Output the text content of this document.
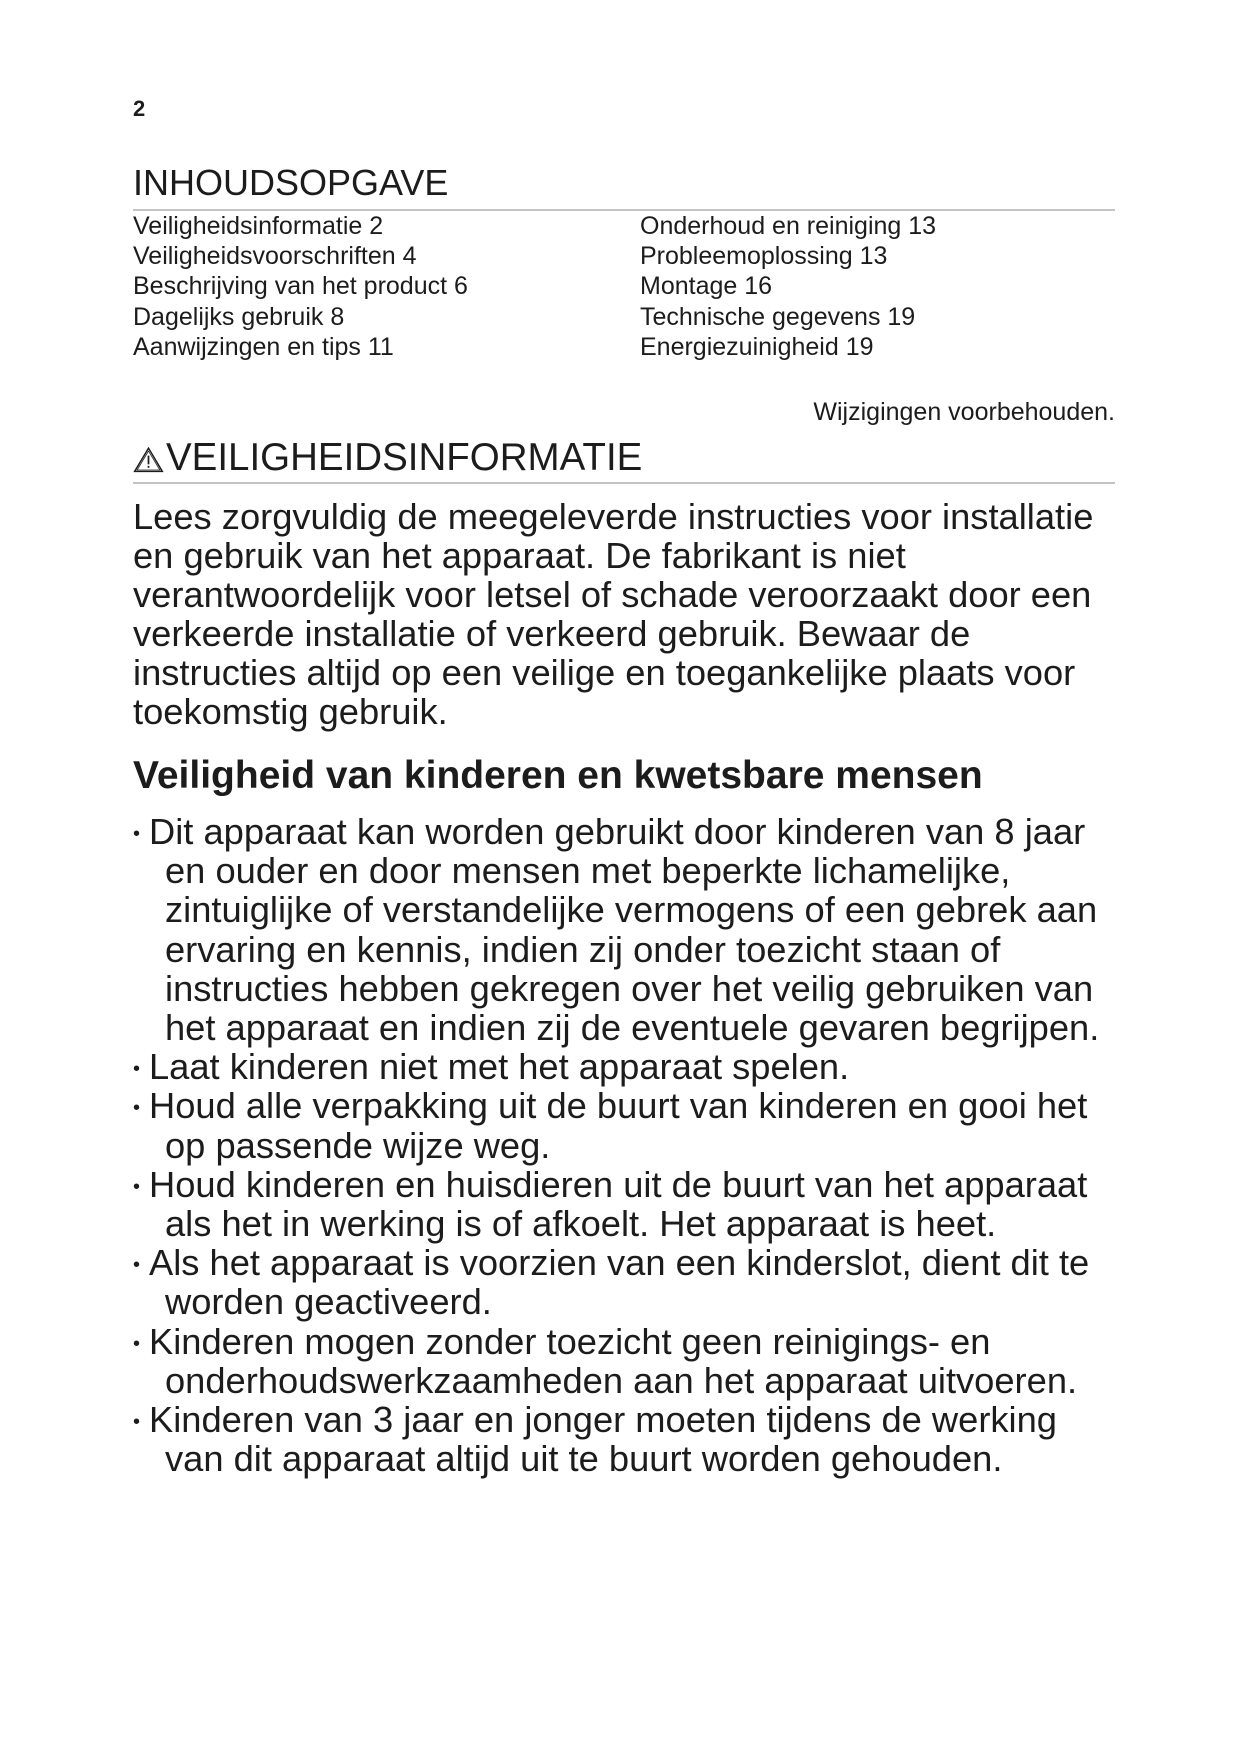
2
INHOUDSOPGAVE
Veiligheidsinformatie 2
Veiligheidsvoorschriften 4
Beschrijving van het product 6
Dagelijks gebruik 8
Aanwijzingen en tips 11
Onderhoud en reiniging 13
Probleemoplossing 13
Montage 16
Technische gegevens 19
Energiezuinigheid 19
Wijzigingen voorbehouden.
VEILIGHEIDSINFORMATIE
Lees zorgvuldig de meegeleverde instructies voor installatie
en gebruik van het apparaat. De fabrikant is niet
verantwoordelijk voor letsel of schade veroorzaakt door een
verkeerde installatie of verkeerd gebruik. Bewaar de
instructies altijd op een veilige en toegankelijke plaats voor
toekomstig gebruik.
Veiligheid van kinderen en kwetsbare mensen
• Dit apparaat kan worden gebruikt door kinderen van 8 jaar
en ouder en door mensen met beperkte lichamelijke,
zintuiglijke of verstandelijke vermogens of een gebrek aan
ervaring en kennis, indien zij onder toezicht staan of
instructies hebben gekregen over het veilig gebruiken van
het apparaat en indien zij de eventuele gevaren begrijpen.
• Laat kinderen niet met het apparaat spelen.
• Houd alle verpakking uit de buurt van kinderen en gooi het
op passende wijze weg.
• Houd kinderen en huisdieren uit de buurt van het apparaat
als het in werking is of afkoelt. Het apparaat is heet.
• Als het apparaat is voorzien van een kinderslot, dient dit te
worden geactiveerd.
• Kinderen mogen zonder toezicht geen reinigings- en
onderhoudswerkzaamheden aan het apparaat uitvoeren.
• Kinderen van 3 jaar en jonger moeten tijdens de werking
van dit apparaat altijd uit te buurt worden gehouden.
